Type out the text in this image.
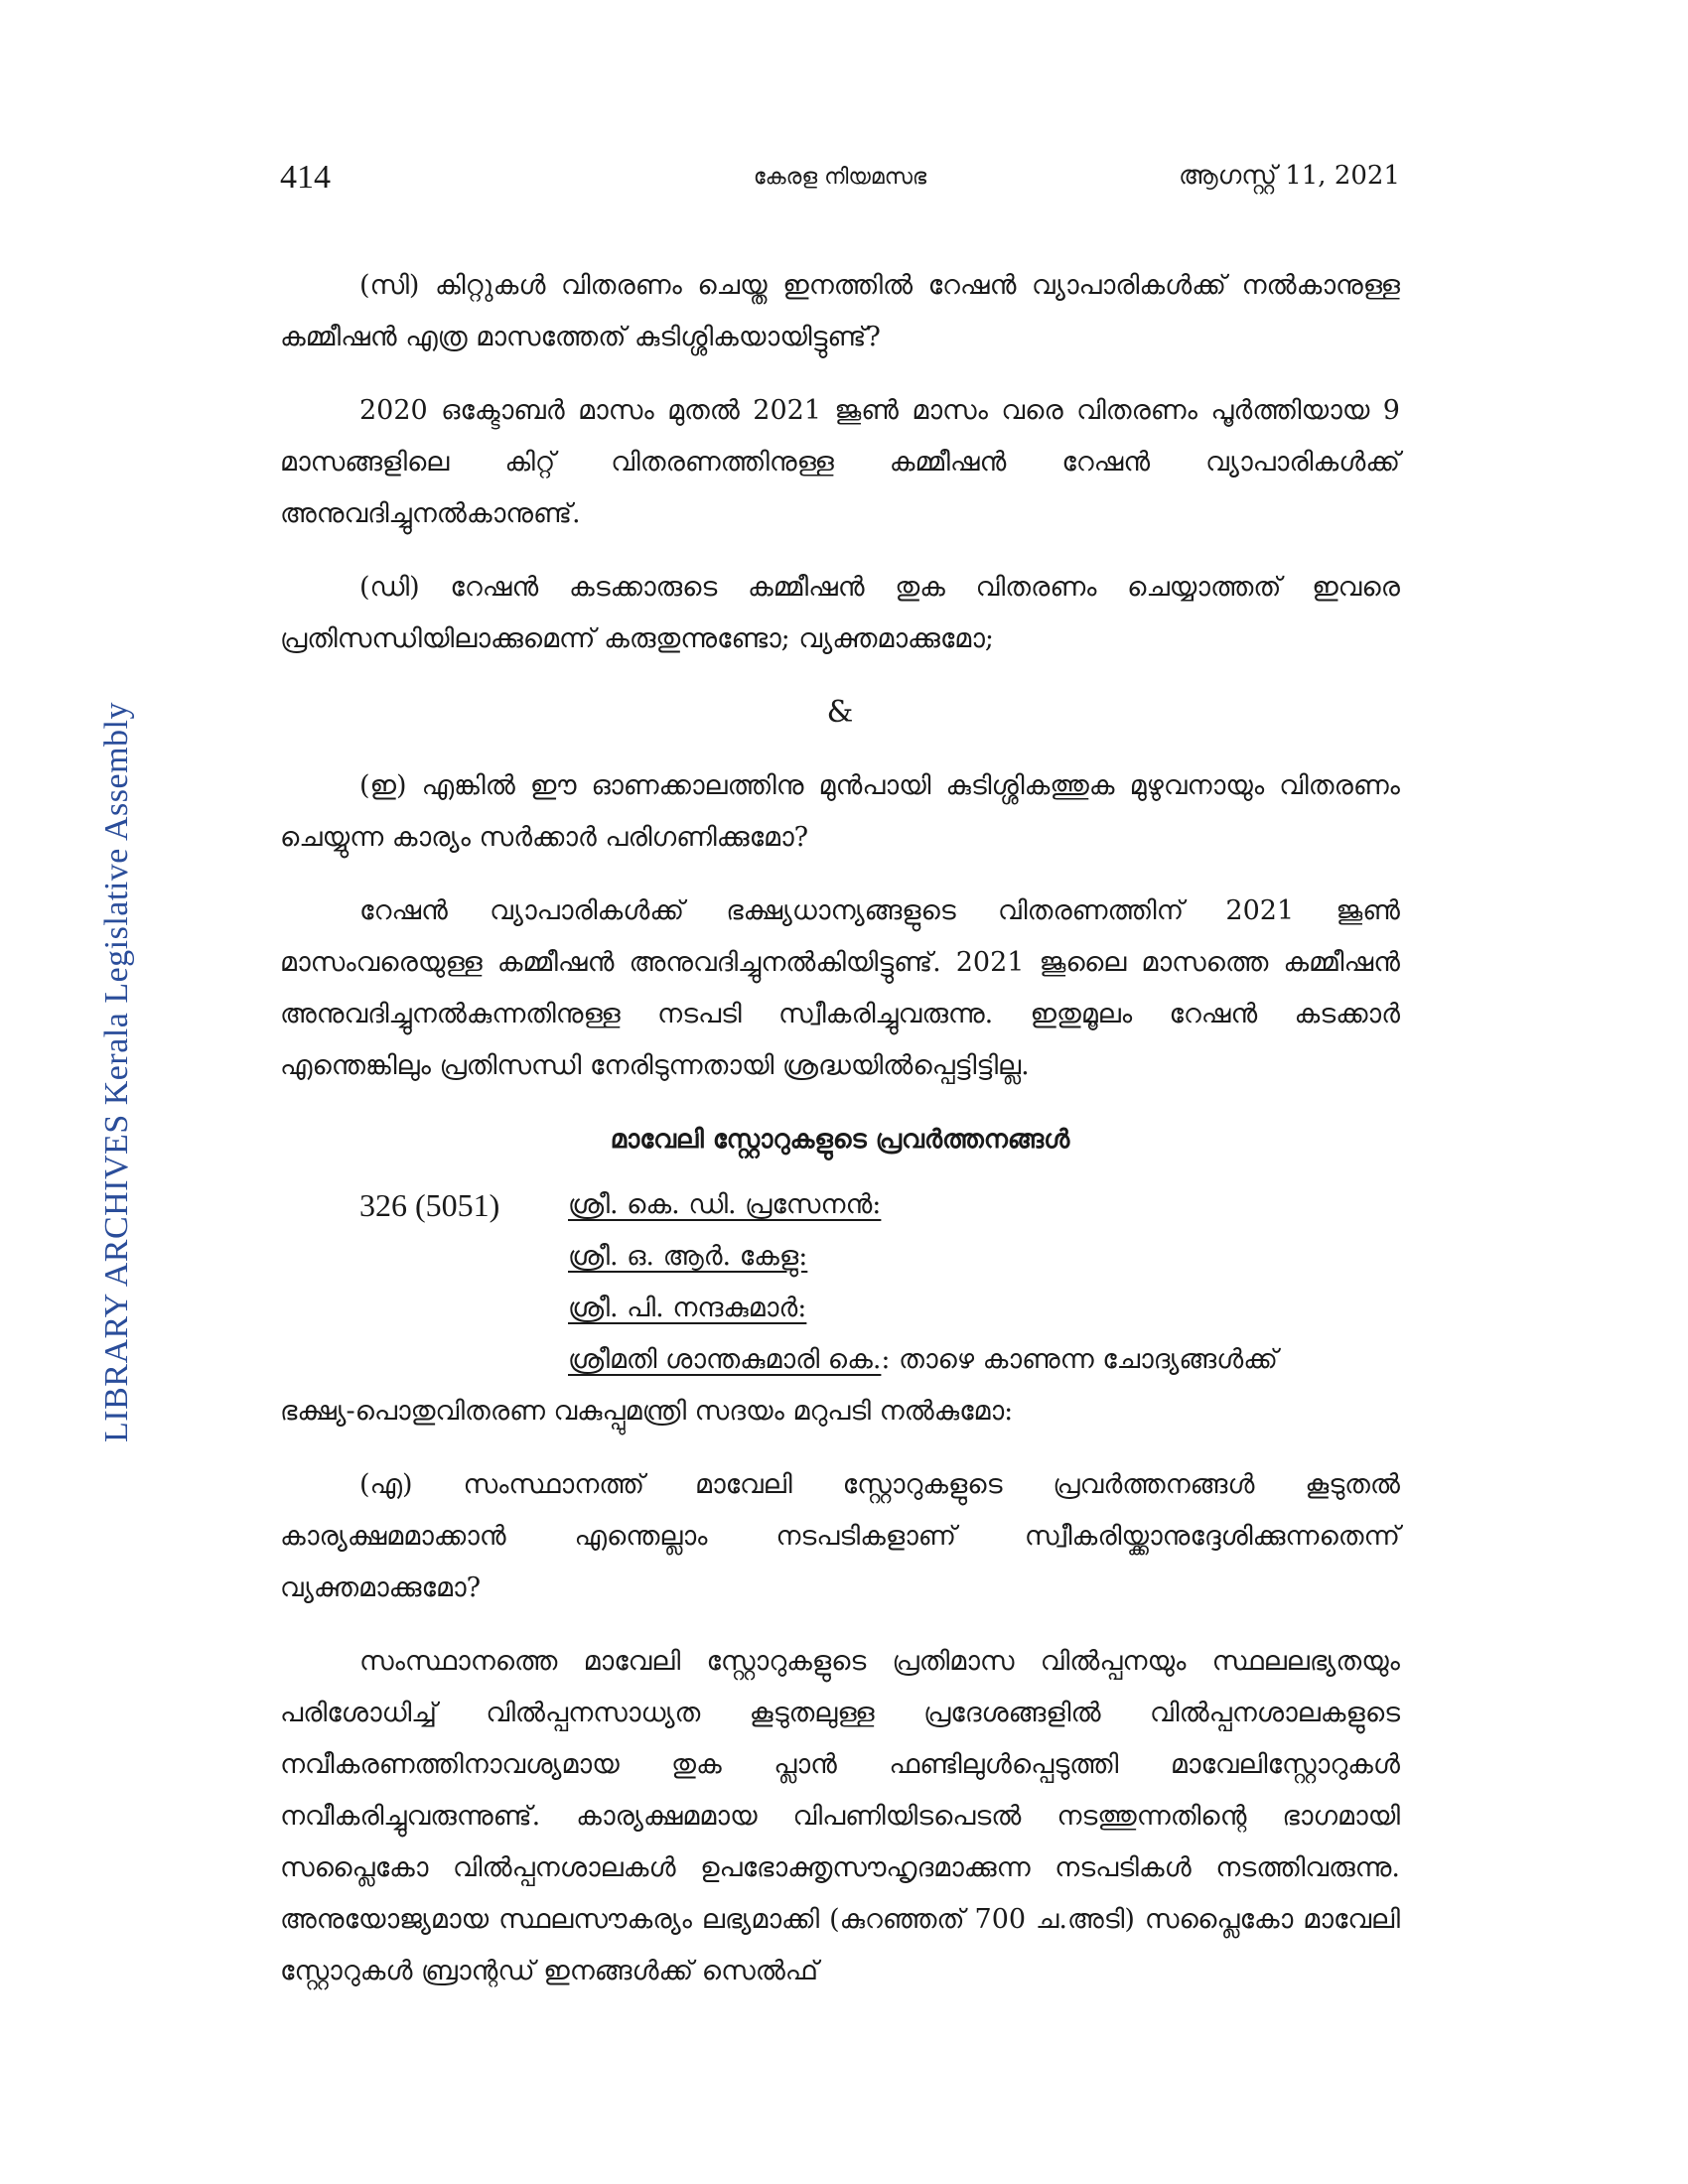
LIBRARY ARCHIVES Kerala Legislative Assembly
414	കേരള നിയമസഭ	ആഗസ്റ്റ് 11, 2021

(സി) കിറ്റുകൾ വിതരണം ചെയ്ത ഇനത്തിൽ റേഷൻ വ്യാപാരികൾക്ക് നൽകാനുള്ള കമ്മീഷൻ എത്ര മാസത്തേത് കുടിശ്ശികയായിട്ടുണ്ട്?

2020 ഒക്ടോബർ മാസം മുതൽ 2021 ജൂൺ മാസം വരെ വിതരണം പൂർത്തിയായ 9 മാസങ്ങളിലെ കിറ്റ് വിതരണത്തിനുള്ള കമ്മീഷൻ റേഷൻ വ്യാപാരികൾക്ക് അനുവദിച്ചുനൽകാനുണ്ട്.

(ഡി) റേഷൻ കടക്കാരുടെ കമ്മീഷൻ തുക വിതരണം ചെയ്യാത്തത് ഇവരെ പ്രതിസന്ധിയിലാക്കുമെന്ന് കരുതുന്നുണ്ടോ; വ്യക്തമാക്കുമോ;

&

(ഇ) എങ്കിൽ ഈ ഓണക്കാലത്തിനു മുൻപായി കുടിശ്ശികത്തുക മുഴുവനായും വിതരണം ചെയ്യുന്ന കാര്യം സർക്കാർ പരിഗണിക്കുമോ?

റേഷൻ വ്യാപാരികൾക്ക് ഭക്ഷ്യധാന്യങ്ങളുടെ വിതരണത്തിന് 2021 ജൂൺ മാസംവരെയുള്ള കമ്മീഷൻ അനുവദിച്ചുനൽകിയിട്ടുണ്ട്. 2021 ജൂലൈ മാസത്തെ കമ്മീഷൻ അനുവദിച്ചുനൽകുന്നതിനുള്ള നടപടി സ്വീകരിച്ചുവരുന്നു. ഇതുമൂലം റേഷൻ കടക്കാർ എന്തെങ്കിലും പ്രതിസന്ധി നേരിടുന്നതായി ശ്രദ്ധയിൽപ്പെട്ടിട്ടില്ല.

മാവേലി സ്റ്റോറുകളുടെ പ്രവർത്തനങ്ങൾ
326 (5051)	ശ്രീ. കെ. ഡി. പ്രസേനൻ:
ശ്രീ. ഒ. ആർ. കേളു:
ശ്രീ. പി. നന്ദകുമാർ:
ശ്രീമതി ശാന്തകുമാരി കെ.: താഴെ കാണുന്ന ചോദ്യങ്ങൾക്ക്
ഭക്ഷ്യ-പൊതുവിതരണ വകുപ്പുമന്ത്രി സദയം മറുപടി നൽകുമോ:

(എ) സംസ്ഥാനത്ത് മാവേലി സ്റ്റോറുകളുടെ പ്രവർത്തനങ്ങൾ കൂടുതൽ കാര്യക്ഷമമാക്കാൻ എന്തെല്ലാം നടപടികളാണ് സ്വീകരിയ്ക്കാനുദ്ദേശിക്കുന്നതെന്ന് വ്യക്തമാക്കുമോ?

സംസ്ഥാനത്തെ മാവേലി സ്റ്റോറുകളുടെ പ്രതിമാസ വിൽപ്പനയും സ്ഥലലഭ്യതയും പരിശോധിച്ച് വിൽപ്പനസാധ്യത കൂടുതലുള്ള പ്രദേശങ്ങളിൽ വിൽപ്പനശാലകളുടെ നവീകരണത്തിനാവശ്യമായ തുക പ്ലാൻ ഫണ്ടിലുൾപ്പെടുത്തി മാവേലിസ്റ്റോറുകൾ നവീകരിച്ചുവരുന്നുണ്ട്. കാര്യക്ഷമമായ വിപണിയിടപെടൽ നടത്തുന്നതിന്റെ ഭാഗമായി സപ്ലൈകോ വിൽപ്പനശാലകൾ ഉപഭോക്തൃസൗഹൃദമാക്കുന്ന നടപടികൾ നടത്തിവരുന്നു. അനുയോജ്യമായ സ്ഥലസൗകര്യം ലഭ്യമാക്കി (കുറഞ്ഞത് 700 ച.അടി) സപ്ലൈകോ മാവേലി സ്റ്റോറുകൾ ബ്രാന്റഡ് ഇനങ്ങൾക്ക് സെൽഫ്
